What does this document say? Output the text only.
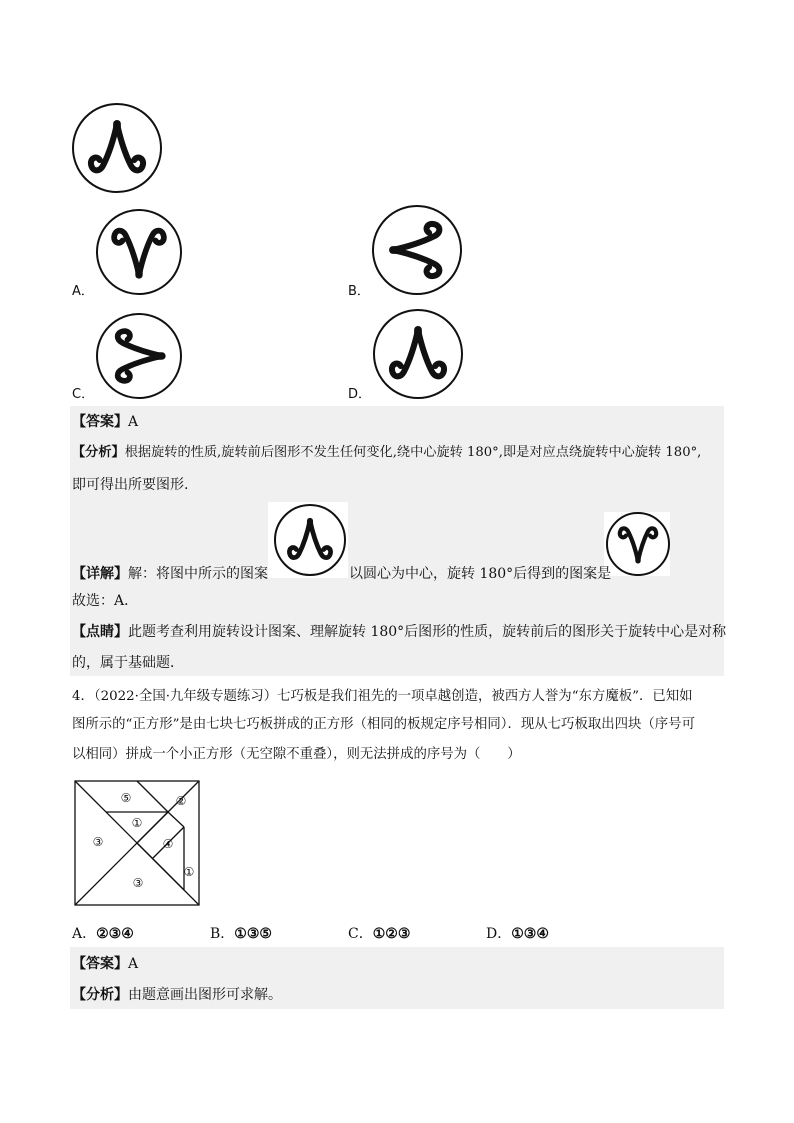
A．	B．
C．	D．
【答案】A
【分析】根据旋转的性质,旋转前后图形不发生任何变化,绕中心旋转 180°,即是对应点绕旋转中心旋转 180°,
即可得出所要图形.
【详解】解：将图中所示的图案	以圆心为中心，旋转 180°后得到的图案是
故选：A．
【点睛】此题考查利用旋转设计图案、理解旋转 180°后图形的性质，旋转前后的图形关于旋转中心是对称
的，属于基础题．
4．（2022·全国·九年级专题练习）七巧板是我们祖先的一项卓越创造，被西方人誉为“东方魔板”．已知如
图所示的“正方形”是由七块七巧板拼成的正方形（相同的板规定序号相同）．现从七巧板取出四块（序号可
以相同）拼成一个小正方形（无空隙不重叠），则无法拼成的序号为（　　）
⑤	②
①
③	④
①
③
A．②③④	B．①③⑤	C．①②③	D．①③④
【答案】A
【分析】由题意画出图形可求解。
